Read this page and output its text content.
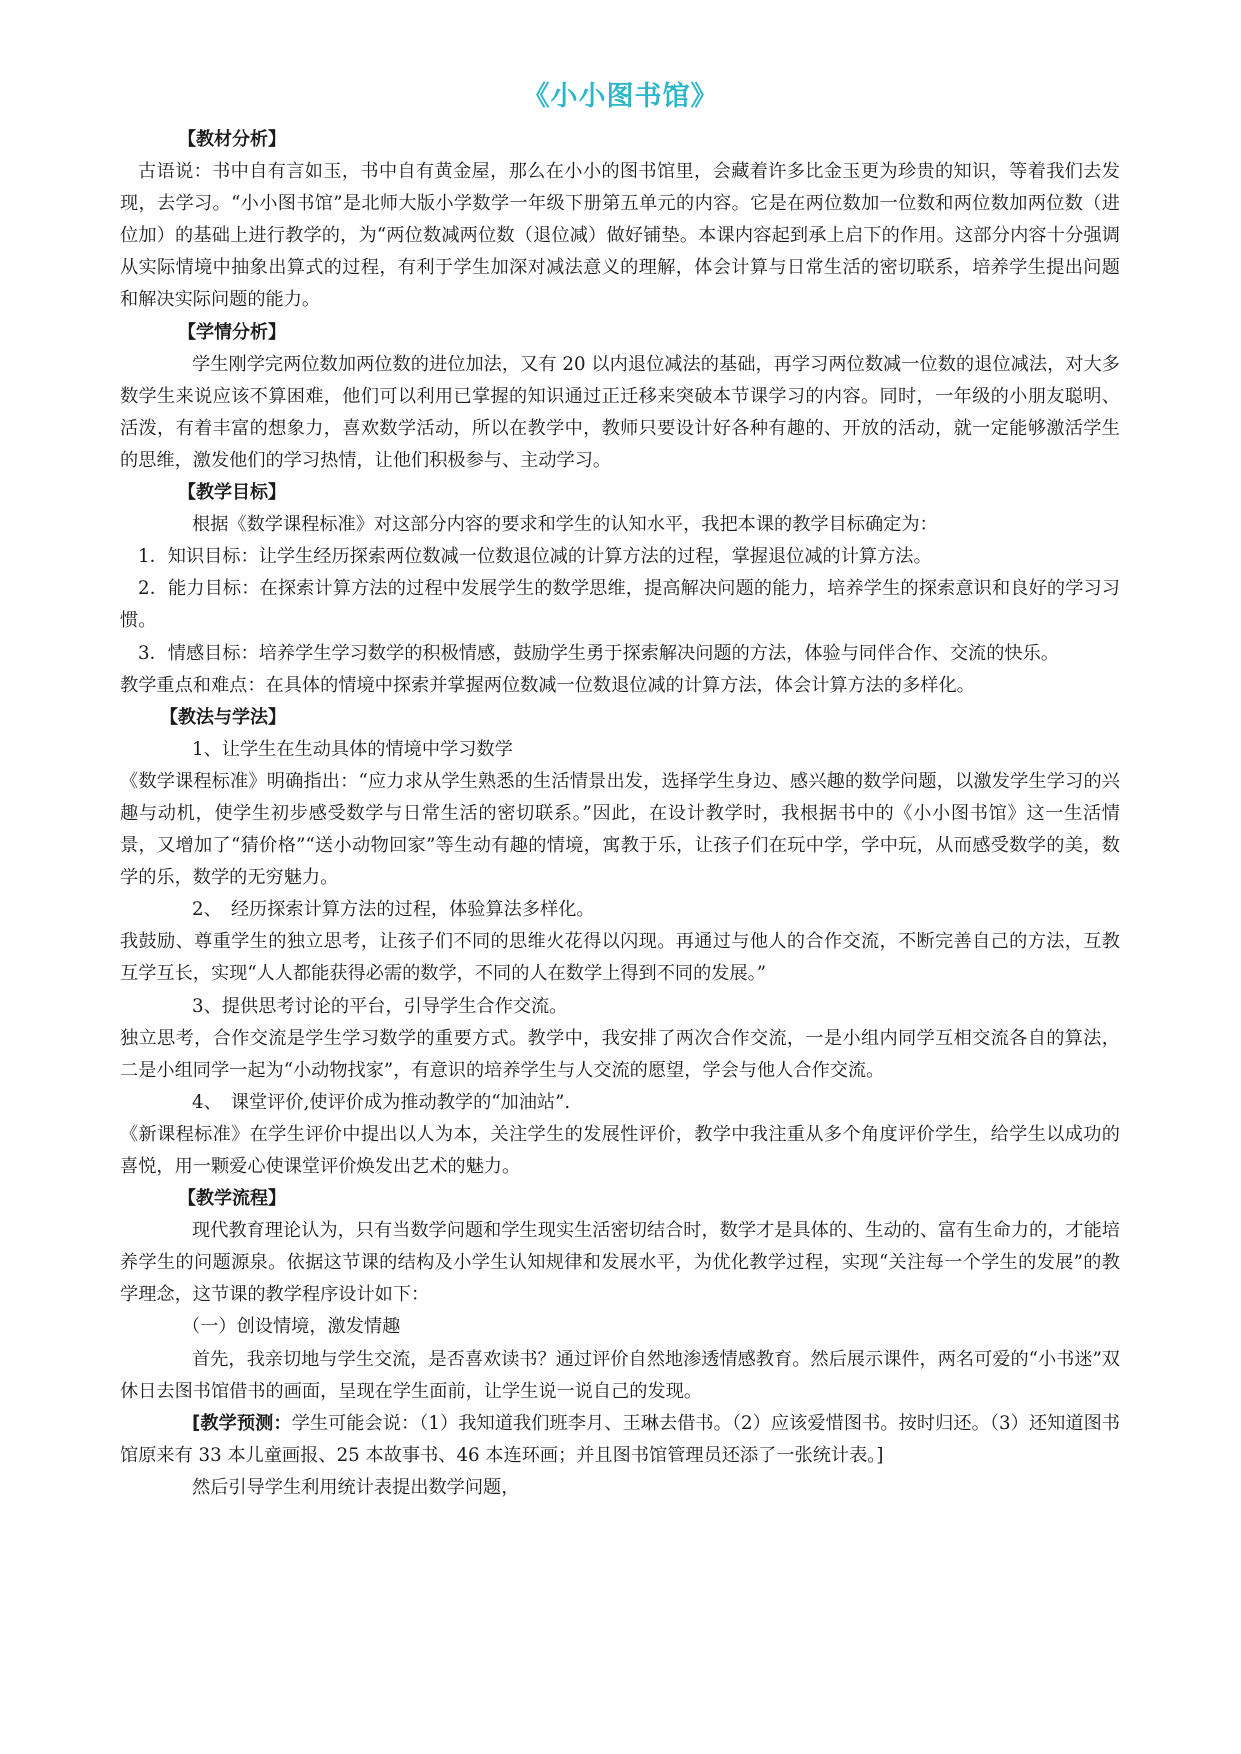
《小小图书馆》

【教材分析】

古语说：书中自有言如玉，书中自有黄金屋，那么在小小的图书馆里，会藏着许多比金玉更为珍贵的知识，等着我们去发现，去学习。“小小图书馆”是北师大版小学数学一年级下册第五单元的内容。它是在两位数加一位数和两位数加两位数（进位加）的基础上进行教学的，为“两位数减两位数（退位减）做好铺垫。本课内容起到承上启下的作用。这部分内容十分强调从实际情境中抽象出算式的过程，有利于学生加深对减法意义的理解，体会计算与日常生活的密切联系，培养学生提出问题和解决实际问题的能力。

【学情分析】

学生刚学完两位数加两位数的进位加法，又有 20 以内退位减法的基础，再学习两位数减一位数的退位减法，对大多数学生来说应该不算困难，他们可以利用已掌握的知识通过正迁移来突破本节课学习的内容。同时，一年级的小朋友聪明、活泼，有着丰富的想象力，喜欢数学活动，所以在教学中，教师只要设计好各种有趣的、开放的活动，就一定能够激活学生的思维，激发他们的学习热情，让他们积极参与、主动学习。

【教学目标】

根据《数学课程标准》对这部分内容的要求和学生的认知水平，我把本课的教学目标确定为：

1．知识目标：让学生经历探索两位数减一位数退位减的计算方法的过程，掌握退位减的计算方法。

2．能力目标：在探索计算方法的过程中发展学生的数学思维，提高解决问题的能力，培养学生的探索意识和良好的学习习惯。

3．情感目标：培养学生学习数学的积极情感，鼓励学生勇于探索解决问题的方法，体验与同伴合作、交流的快乐。

教学重点和难点：在具体的情境中探索并掌握两位数减一位数退位减的计算方法，体会计算方法的多样化。

【教法与学法】

1、让学生在生动具体的情境中学习数学

《数学课程标准》明确指出：“应力求从学生熟悉的生活情景出发，选择学生身边、感兴趣的数学问题，以激发学生学习的兴趣与动机，使学生初步感受数学与日常生活的密切联系。”因此，在设计教学时，我根据书中的《小小图书馆》这一生活情景，又增加了“猜价格”“送小动物回家”等生动有趣的情境，寓教于乐，让孩子们在玩中学，学中玩，从而感受数学的美，数学的乐，数学的无穷魅力。

2、　经历探索计算方法的过程，体验算法多样化。

我鼓励、尊重学生的独立思考，让孩子们不同的思维火花得以闪现。再通过与他人的合作交流，不断完善自己的方法，互教互学互长，实现“人人都能获得必需的数学，不同的人在数学上得到不同的发展。”

3、提供思考讨论的平台，引导学生合作交流。

独立思考，合作交流是学生学习数学的重要方式。教学中，我安排了两次合作交流，一是小组内同学互相交流各自的算法，二是小组同学一起为“小动物找家”，有意识的培养学生与人交流的愿望，学会与他人合作交流。

4、　课堂评价,使评价成为推动教学的“加油站”.

《新课程标准》在学生评价中提出以人为本，关注学生的发展性评价，教学中我注重从多个角度评价学生，给学生以成功的喜悦，用一颗爱心使课堂评价焕发出艺术的魅力。

【教学流程】

现代教育理论认为，只有当数学问题和学生现实生活密切结合时，数学才是具体的、生动的、富有生命力的，才能培养学生的问题源泉。依据这节课的结构及小学生认知规律和发展水平，为优化教学过程，实现“关注每一个学生的发展”的教学理念，这节课的教学程序设计如下：

（一）创设情境，激发情趣

首先，我亲切地与学生交流，是否喜欢读书？通过评价自然地渗透情感教育。然后展示课件，两名可爱的“小书迷”双休日去图书馆借书的画面，呈现在学生面前，让学生说一说自己的发现。

[教学预测：学生可能会说：（1）我知道我们班李月、王琳去借书。（2）应该爱惜图书。按时归还。（3）还知道图书馆原来有 33 本儿童画报、25 本故事书、46 本连环画；并且图书馆管理员还添了一张统计表。]

然后引导学生利用统计表提出数学问题，
